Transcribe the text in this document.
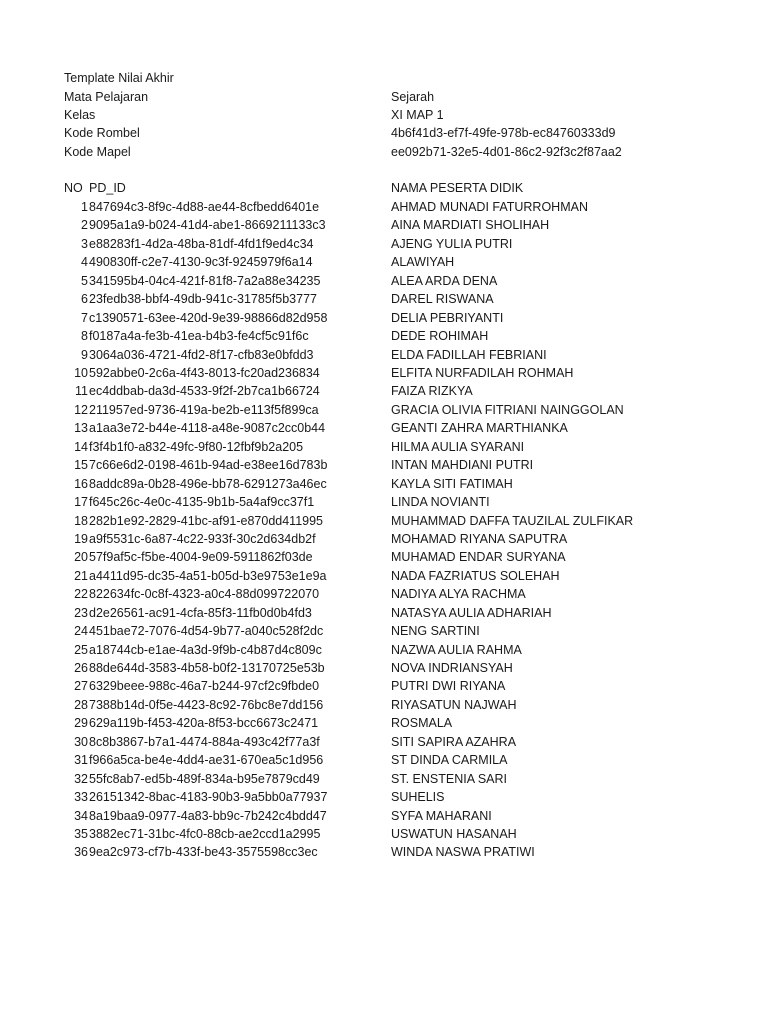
Template Nilai Akhir
Mata Pelajaran	Sejarah
Kelas	XI MAP 1
Kode Rombel	4b6f41d3-ef7f-49fe-978b-ec84760333d9
Kode Mapel	ee092b71-32e5-4d01-86c2-92f3c2f87aa2
NO PD_ID	NAMA PESERTA DIDIK
1 847694c3-8f9c-4d88-ae44-8cfbedd6401e	AHMAD MUNADI FATURROHMAN
2 9095a1a9-b024-41d4-abe1-8669211133c3	AINA MARDIATI SHOLIHAH
3 e88283f1-4d2a-48ba-81df-4fd1f9ed4c34	AJENG YULIA PUTRI
4 490830ff-c2e7-4130-9c3f-9245979f6a14	ALAWIYAH
5 341595b4-04c4-421f-81f8-7a2a88e34235	ALEA ARDA DENA
6 23fedb38-bbf4-49db-941c-31785f5b3777	DAREL RISWANA
7 c1390571-63ee-420d-9e39-98866d82d958	DELIA PEBRIYANTI
8 f0187a4a-fe3b-41ea-b4b3-fe4cf5c91f6c	DEDE ROHIMAH
9 3064a036-4721-4fd2-8f17-cfb83e0bfdd3	ELDA FADILLAH FEBRIANI
10 592abbe0-2c6a-4f43-8013-fc20ad236834	ELFITA NURFADILAH ROHMAH
11 ec4ddbab-da3d-4533-9f2f-2b7ca1b66724	FAIZA RIZKYA
12 211957ed-9736-419a-be2b-e113f5f899ca	GRACIA OLIVIA FITRIANI NAINGGOLAN
13 a1aa3e72-b44e-4118-a48e-9087c2cc0b44	GEANTI ZAHRA MARTHIANKA
14 f3f4b1f0-a832-49fc-9f80-12fbf9b2a205	HILMA AULIA SYARANI
15 7c66e6d2-0198-461b-94ad-e38ee16d783b	INTAN MAHDIANI PUTRI
16 8addc89a-0b28-496e-bb78-6291273a46ec	KAYLA SITI FATIMAH
17 f645c26c-4e0c-4135-9b1b-5a4af9cc37f1	LINDA NOVIANTI
18 282b1e92-2829-41bc-af91-e870dd411995	MUHAMMAD DAFFA TAUZILAL ZULFIKAR
19 a9f5531c-6a87-4c22-933f-30c2d634db2f	MOHAMAD RIYANA SAPUTRA
20 57f9af5c-f5be-4004-9e09-5911862f03de	MUHAMAD ENDAR SURYANA
21 a4411d95-dc35-4a51-b05d-b3e9753e1e9a	NADA FAZRIATUS SOLEHAH
22 822634fc-0c8f-4323-a0c4-88d099722070	NADIYA ALYA RACHMA
23 d2e26561-ac91-4cfa-85f3-11fb0d0b4fd3	NATASYA AULIA ADHARIAH
24 451bae72-7076-4d54-9b77-a040c528f2dc	NENG SARTINI
25 a18744cb-e1ae-4a3d-9f9b-c4b87d4c809c	NAZWA AULIA RAHMA
26 88de644d-3583-4b58-b0f2-13170725e53b	NOVA INDRIANSYAH
27 6329beee-988c-46a7-b244-97cf2c9fbde0	PUTRI DWI RIYANA
28 7388b14d-0f5e-4423-8c92-76bc8e7dd156	RIYASATUN NAJWAH
29 629a119b-f453-420a-8f53-bcc6673c2471	ROSMALA
30 8c8b3867-b7a1-4474-884a-493c42f77a3f	SITI SAPIRA AZAHRA
31 f966a5ca-be4e-4dd4-ae31-670ea5c1d956	ST DINDA CARMILA
32 55fc8ab7-ed5b-489f-834a-b95e7879cd49	ST. ENSTENIA SARI
33 26151342-8bac-4183-90b3-9a5bb0a77937	SUHELIS
34 8a19baa9-0977-4a83-bb9c-7b242c4bdd47	SYFA MAHARANI
35 3882ec71-31bc-4fc0-88cb-ae2ccd1a2995	USWATUN HASANAH
36 9ea2c973-cf7b-433f-be43-3575598cc3ec	WINDA NASWA PRATIWI
